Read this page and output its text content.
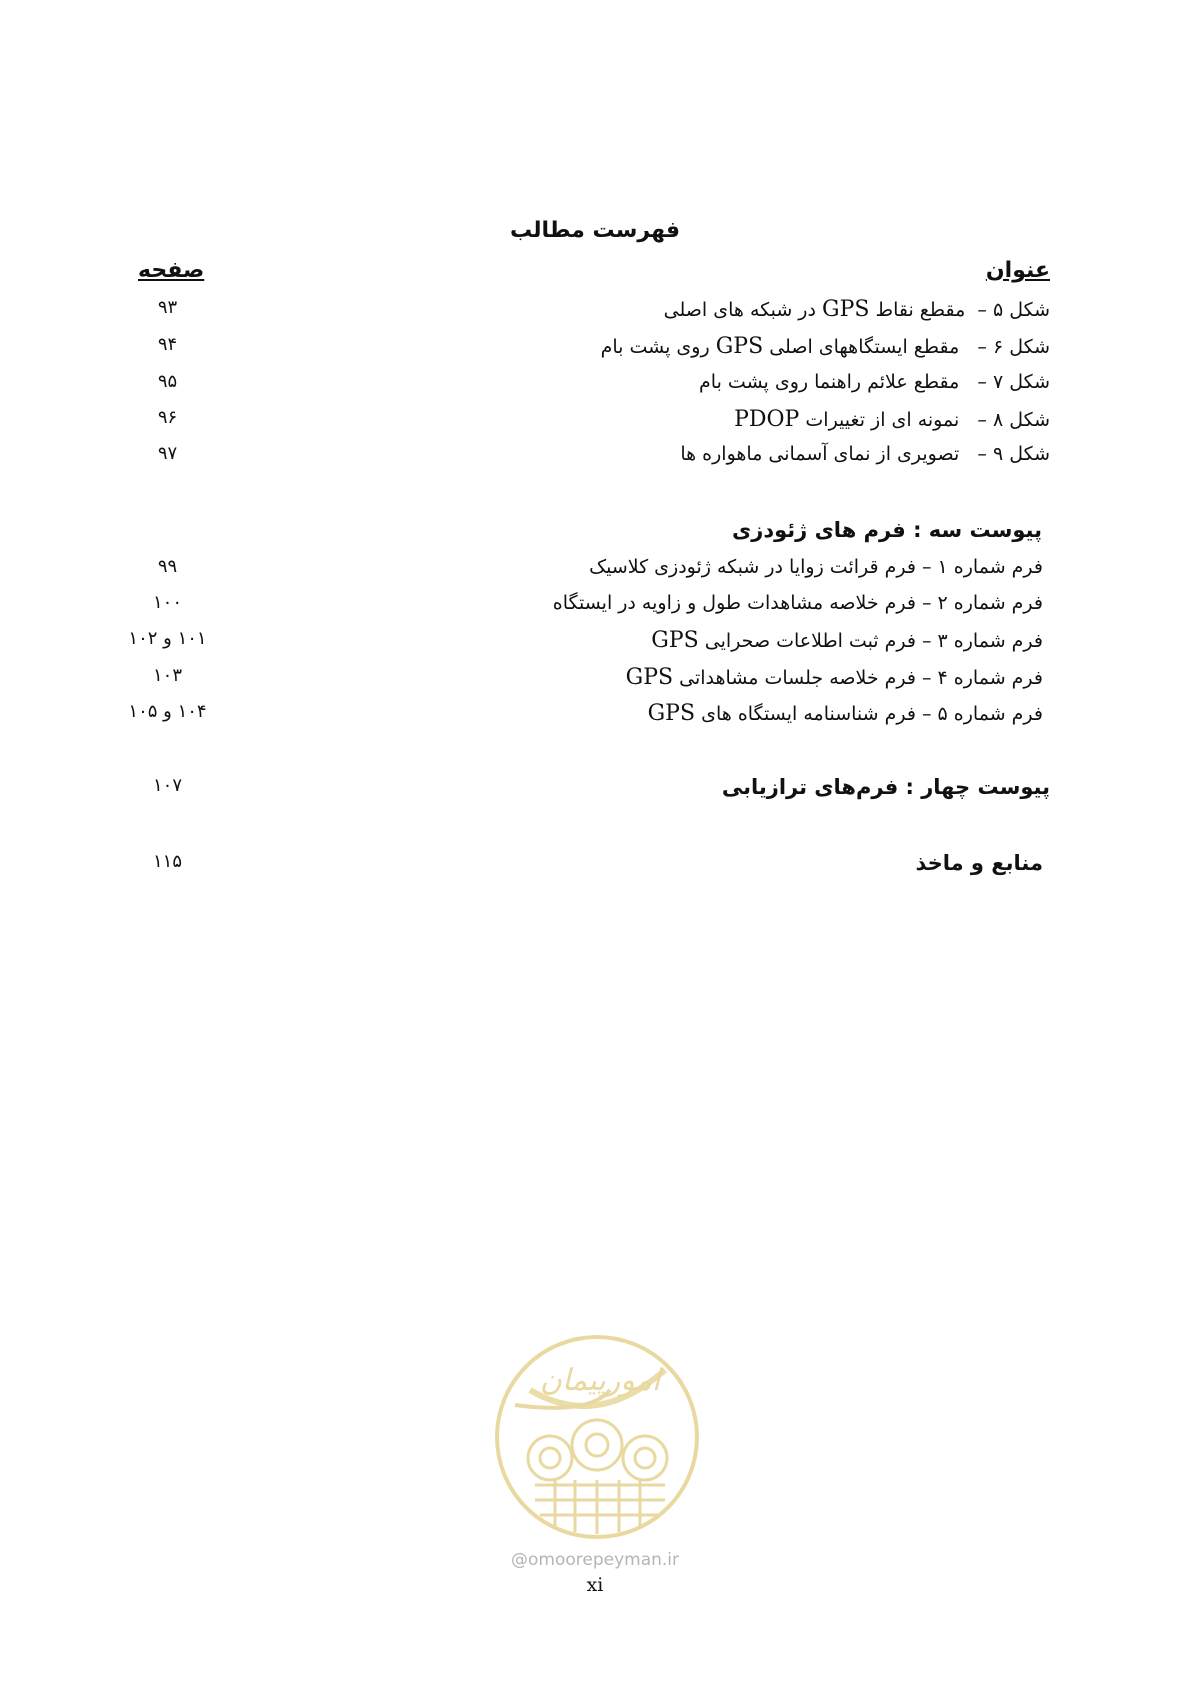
فهرست مطالب
عنوان
صفحه
شکل ۵ –  مقطع نقاط GPS در شبکه های اصلی
۹۳
شکل ۶ –   مقطع ایستگاههای اصلی GPS روی پشت بام
۹۴
شکل ۷ –   مقطع علائم راهنما روی پشت بام
۹۵
شکل ۸ –   نمونه ای از تغییرات PDOP
۹۶
شکل ۹ –   تصویری از نمای آسمانی ماهواره ها
۹۷
پیوست سه : فرم های ژئودزی
فرم شماره ۱ – فرم قرائت زوایا در شبکه ژئودزی کلاسیک
۹۹
فرم شماره ۲ – فرم خلاصه مشاهدات طول و زاویه در ایستگاه
۱۰۰
فرم شماره ۳ – فرم ثبت اطلاعات صحرایی GPS
۱۰۱ و ۱۰۲
فرم شماره ۴ – فرم خلاصه جلسات مشاهداتی GPS
۱۰۳
فرم شماره ۵ – فرم شناسنامه ایستگاه های GPS
۱۰۴ و ۱۰۵
پیوست چهار : فرم‌های ترازیابی
۱۰۷
منابع و ماخذ
۱۱۵
امورپیمان
@omoorepeyman.ir
xi
